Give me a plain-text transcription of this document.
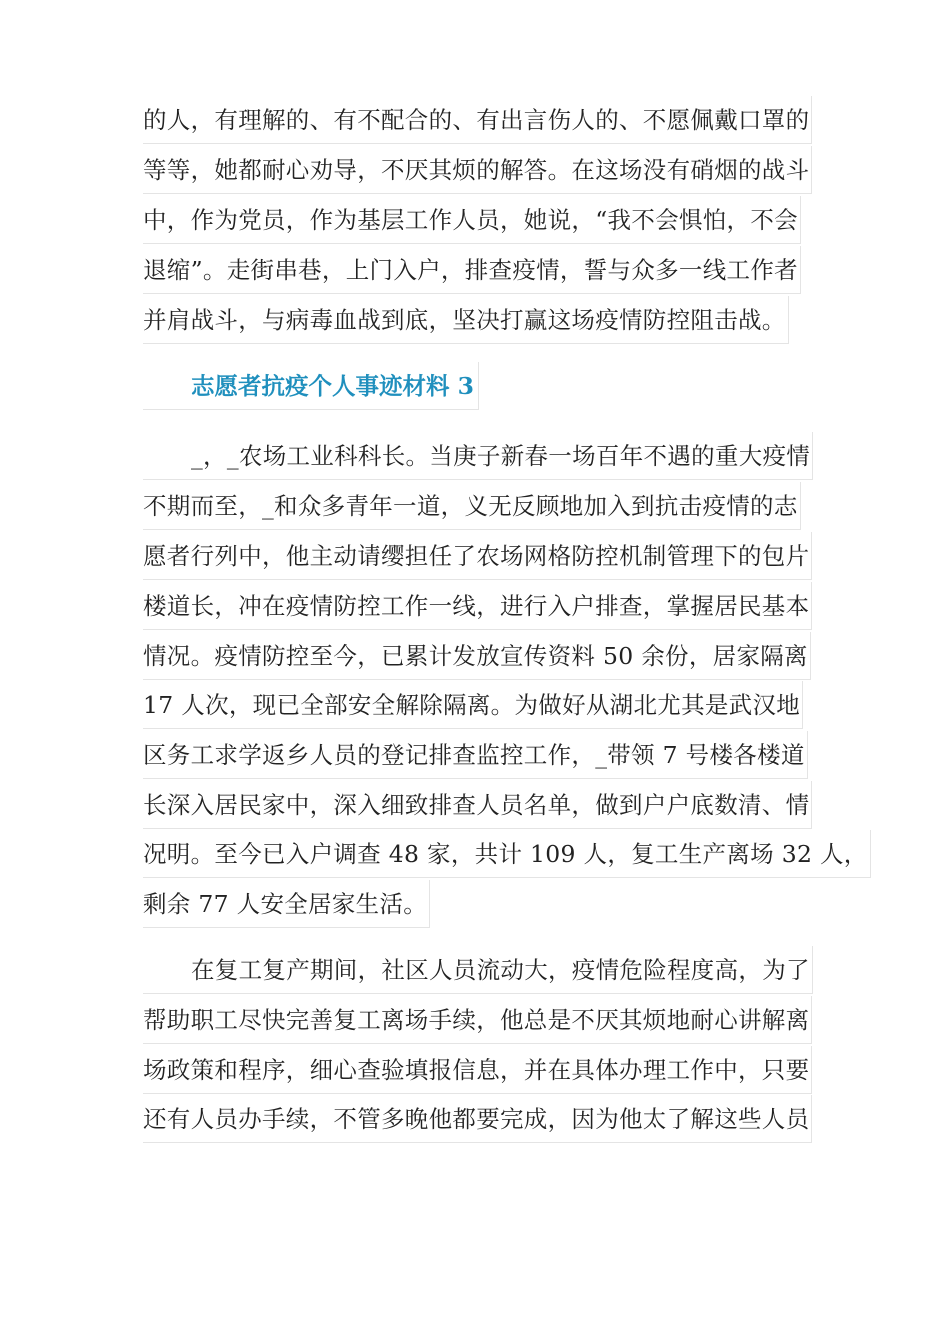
的人，有理解的、有不配合的、有出言伤人的、不愿佩戴口罩的
等等，她都耐心劝导，不厌其烦的解答。在这场没有硝烟的战斗
中，作为党员，作为基层工作人员，她说，“我不会惧怕，不会
退缩”。走街串巷，上门入户，排查疫情，誓与众多一线工作者
并肩战斗，与病毒血战到底，坚决打赢这场疫情防控阻击战。
志愿者抗疫个人事迹材料 3
_，_农场工业科科长。当庚子新春一场百年不遇的重大疫情
不期而至，_和众多青年一道，义无反顾地加入到抗击疫情的志
愿者行列中，他主动请缨担任了农场网格防控机制管理下的包片
楼道长，冲在疫情防控工作一线，进行入户排查，掌握居民基本
情况。疫情防控至今，已累计发放宣传资料 50 余份，居家隔离
17 人次，现已全部安全解除隔离。为做好从湖北尤其是武汉地
区务工求学返乡人员的登记排查监控工作，_带领 7 号楼各楼道
长深入居民家中，深入细致排查人员名单，做到户户底数清、情
况明。至今已入户调查 48 家，共计 109 人，复工生产离场 32 人，
剩余 77 人安全居家生活。
在复工复产期间，社区人员流动大，疫情危险程度高，为了
帮助职工尽快完善复工离场手续，他总是不厌其烦地耐心讲解离
场政策和程序，细心查验填报信息，并在具体办理工作中，只要
还有人员办手续，不管多晚他都要完成，因为他太了解这些人员
